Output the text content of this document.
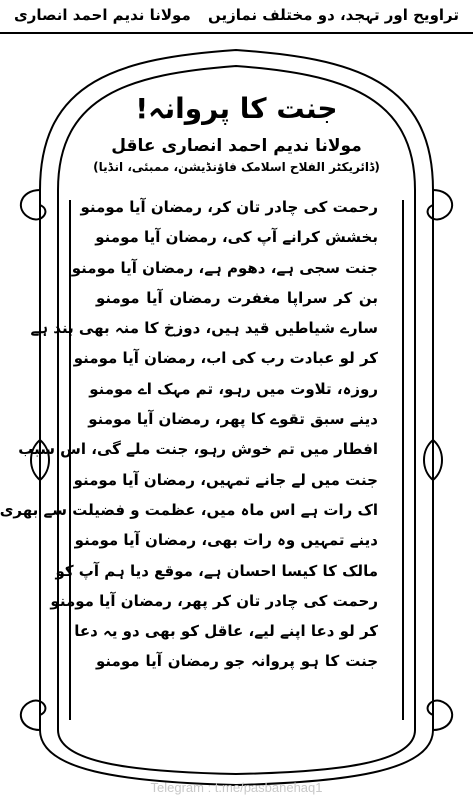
تراویح اور تہجد، دو مختلف نمازیں
مولانا ندیم احمد انصاری
جنت کا پروانہ!
مولانا ندیم احمد انصاری عاقل
(ڈائریکٹر الفلاح اسلامک فاؤنڈیشن، ممبئی، انڈیا)
رحمت کی چادر تان کر، رمضان آیا مومنو
بخشش کرانے آپ کی، رمضان آیا مومنو
جنت سجی ہے، دھوم ہے، رمضان آیا مومنو
بن کر سراپا مغفرت رمضان آیا مومنو
سارے شیاطیں قید ہیں، دوزخ کا منہ بھی بند ہے
کر لو عبادت رب کی اب، رمضان آیا مومنو
روزہ، تلاوت میں رہو، تم مہک اے مومنو
دینے سبق تقوے کا پھر، رمضان آیا مومنو
افطار میں تم خوش رہو، جنت ملے گی، اس سبب
جنت میں لے جانے تمہیں، رمضان آیا مومنو
اک رات ہے اس ماہ میں، عظمت و فضیلت سے بھری
دینے تمہیں وہ رات بھی، رمضان آیا مومنو
مالک کا کیسا احسان ہے، موقع دیا ہم آپ کو
رحمت کی چادر تان کر پھر، رمضان آیا مومنو
کر لو دعا اپنے لیے، عاقل کو بھی دو یہ دعا
جنت کا ہو پروانہ جو رمضان آیا مومنو
Telegram : t.me/pasbanehaq1
